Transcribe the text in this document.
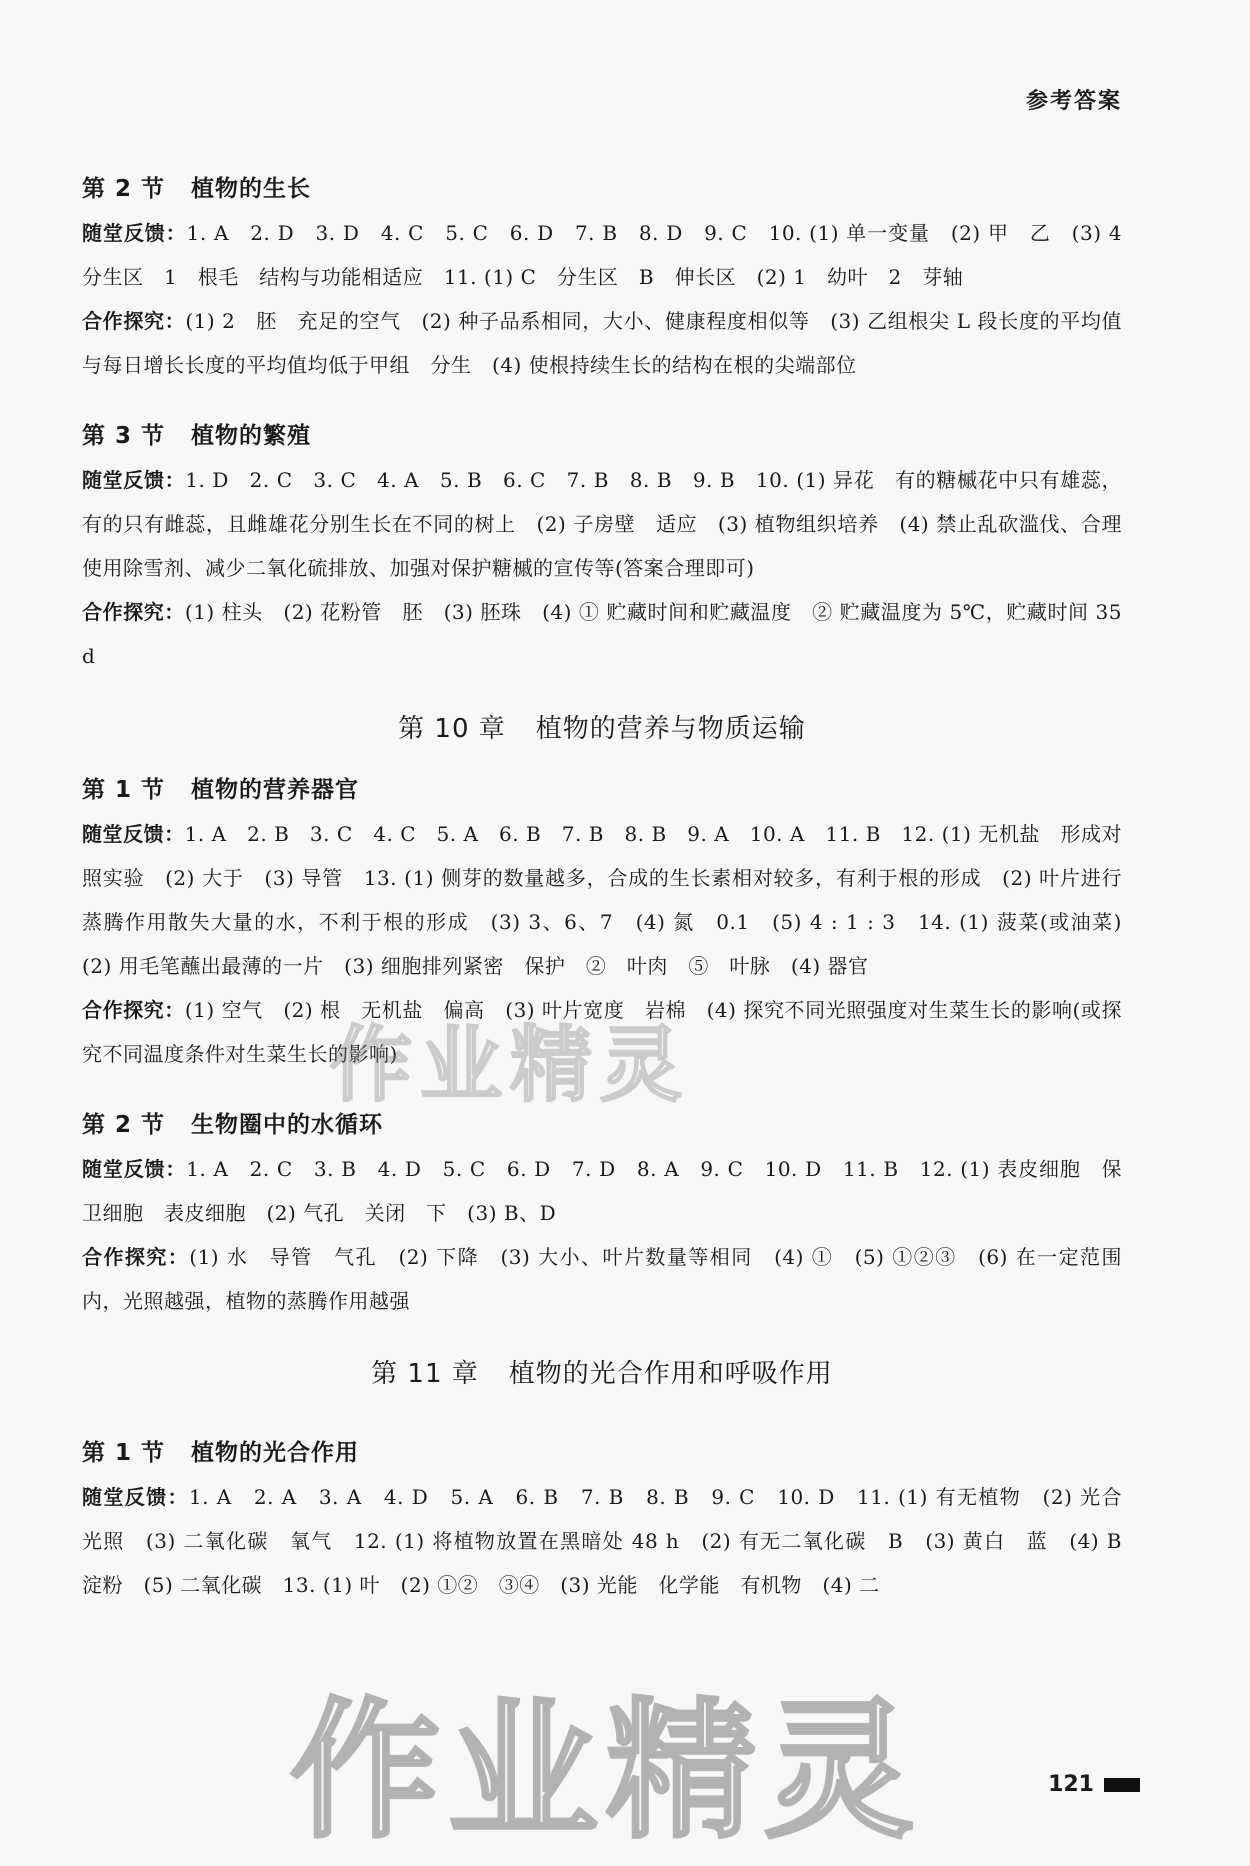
参考答案
第 2 节 植物的生长

随堂反馈：1. A　2. D　3. D　4. C　5. C　6. D　7. B　8. D　9. C　10. (1) 单一变量　(2) 甲　乙　(3) 4　分生区　1　根毛　结构与功能相适应　11. (1) C　分生区　B　伸长区　(2) 1　幼叶　2　芽轴

合作探究：(1) 2　胚　充足的空气　(2) 种子品系相同，大小、健康程度相似等　(3) 乙组根尖 L 段长度的平均值与每日增长长度的平均值均低于甲组　分生　(4) 使根持续生长的结构在根的尖端部位

第 3 节 植物的繁殖

随堂反馈：1. D　2. C　3. C　4. A　5. B　6. C　7. B　8. B　9. B　10. (1) 异花　有的糖槭花中只有雄蕊，有的只有雌蕊，且雌雄花分别生长在不同的树上　(2) 子房壁　适应　(3) 植物组织培养　(4) 禁止乱砍滥伐、合理使用除雪剂、减少二氧化硫排放、加强对保护糖槭的宣传等(答案合理即可)

合作探究：(1) 柱头　(2) 花粉管　胚　(3) 胚珠　(4) ① 贮藏时间和贮藏温度　② 贮藏温度为 5℃，贮藏时间 35 d

第 10 章 植物的营养与物质运输
第 1 节 植物的营养器官

随堂反馈：1. A　2. B　3. C　4. C　5. A　6. B　7. B　8. B　9. A　10. A　11. B　12. (1) 无机盐　形成对照实验　(2) 大于　(3) 导管　13. (1) 侧芽的数量越多，合成的生长素相对较多，有利于根的形成　(2) 叶片进行蒸腾作用散失大量的水，不利于根的形成　(3) 3、6、7　(4) 氮　0.1　(5) 4 : 1 : 3　14. (1) 菠菜(或油菜)　(2) 用毛笔蘸出最薄的一片　(3) 细胞排列紧密　保护　②　叶肉　⑤　叶脉　(4) 器官

合作探究：(1) 空气　(2) 根　无机盐　偏高　(3) 叶片宽度　岩棉　(4) 探究不同光照强度对生菜生长的影响(或探究不同温度条件对生菜生长的影响)

第 2 节 生物圈中的水循环

随堂反馈：1. A　2. C　3. B　4. D　5. C　6. D　7. D　8. A　9. C　10. D　11. B　12. (1) 表皮细胞　保卫细胞　表皮细胞　(2) 气孔　关闭　下　(3) B、D

合作探究：(1) 水　导管　气孔　(2) 下降　(3) 大小、叶片数量等相同　(4) ①　(5) ①②③　(6) 在一定范围内，光照越强，植物的蒸腾作用越强

第 11 章 植物的光合作用和呼吸作用
第 1 节 植物的光合作用

随堂反馈：1. A　2. A　3. A　4. D　5. A　6. B　7. B　8. B　9. C　10. D　11. (1) 有无植物　(2) 光合　光照　(3) 二氧化碳　氧气　12. (1) 将植物放置在黑暗处 48 h　(2) 有无二氧化碳　B　(3) 黄白　蓝　(4) B　淀粉　(5) 二氧化碳　13. (1) 叶　(2) ①②　③④　(3) 光能　化学能　有机物　(4) 二

作业精灵
作业精灵	121
